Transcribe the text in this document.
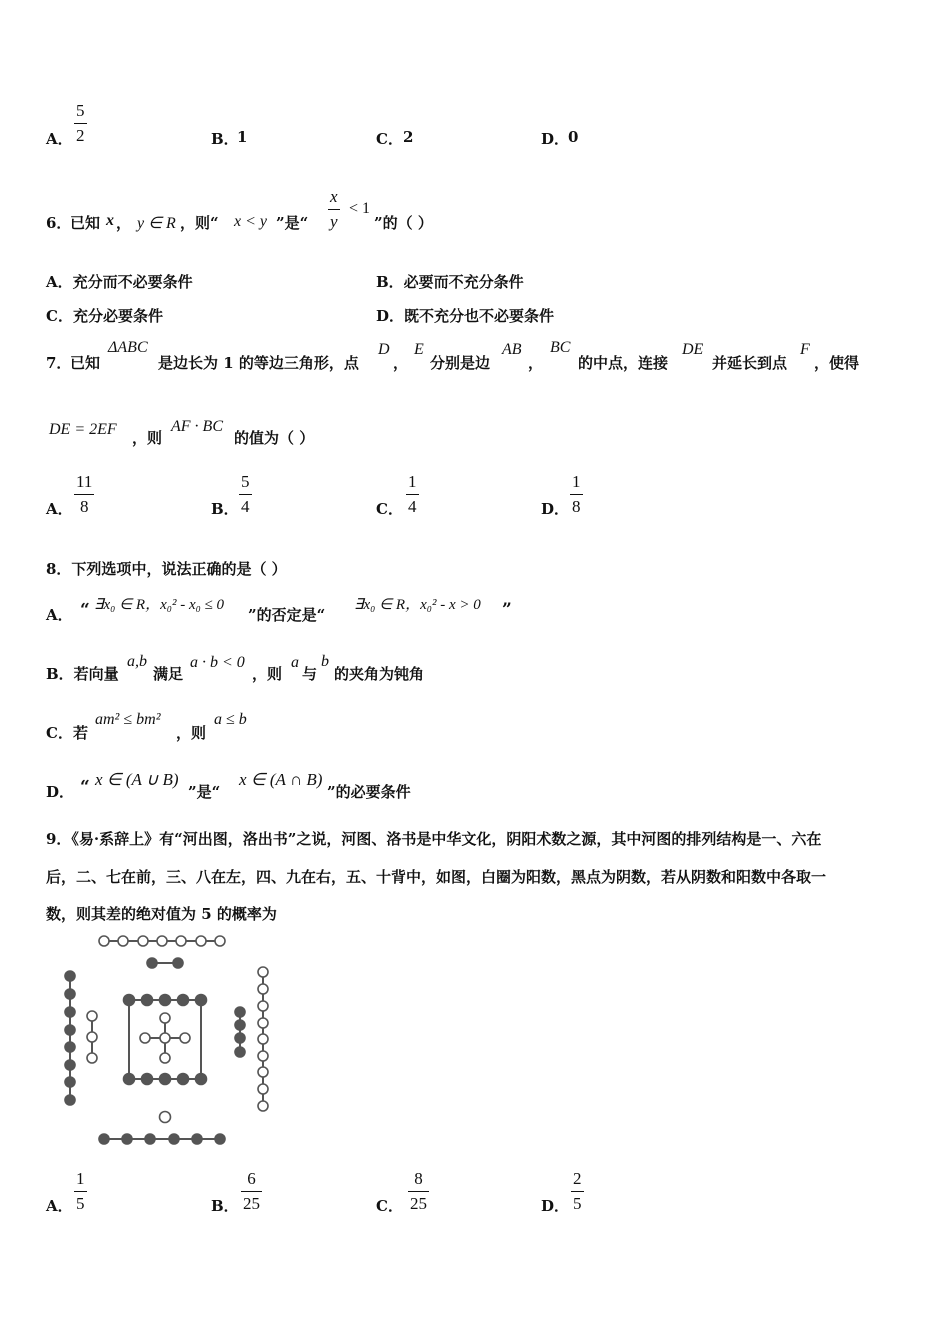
A．
5
2	B．
1	C． 2	D．
0
6．
已知 x ， y ∈ R ，则“ x < y ”是“
x
y
< 1
”的（ ）
A．充分而不必要条件	B．必要而不充分条件
C．充分必要条件	D．既不充分也不必要条件
7．
已知
ΔABC
是边长为 1 的等边三角形，点
D
，
E
分别是边
AB
，
BC
的中点，连接
DE
并延长到点
F
，使得
DE = 2EF ，则
AF · BC
的值为（ ）
A．
11
8	B．
5
4	C．
1
4	D．
1
8
8．下列选项中，说法正确的是（ ）
A． “ ∃x₀ ∈ R，x₀² - x₀ ≤ 0
”的否定是“
∃x₀ ∈ R，x₀² - x > 0 ”
B．若向量
a,b
满足
a · b < 0
，则
a
与
b
的夹角为钝角
C．若
am² ≤ bm²
，则
a ≤ b
D． “ x ∈ (A ∪ B)
”是“
x ∈ (A ∩ B)
”的必要条件
9．《易·系辞上》有“河出图，洛出书”之说，河图、洛书是中华文化，阴阳术数之源，其中河图的排列结构是一、六在
后，二、七在前，三、八在左，四、九在右，五、十背中，如图，白圈为阳数，黑点为阴数，若从阴数和阳数中各取一
数，则其差的绝对值为 5 的概率为
A．
1
5	B．
6
25	C．
8
25	D．
2
5
